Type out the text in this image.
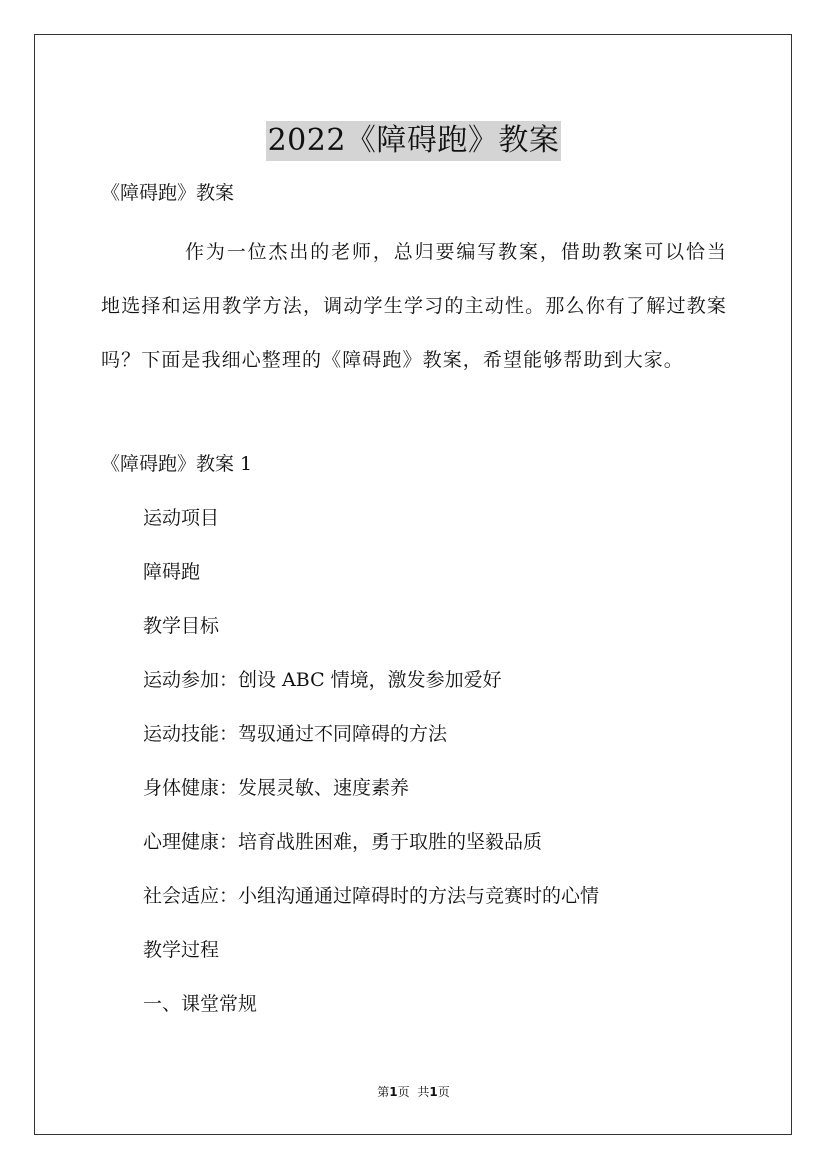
2022《障碍跑》教案
《障碍跑》教案

作为一位杰出的老师，总归要编写教案，借助教案可以恰当地选择和运用教学方法，调动学生学习的主动性。那么你有了解过教案吗？下面是我细心整理的《障碍跑》教案，希望能够帮助到大家。

《障碍跑》教案 1
运动项目
障碍跑
教学目标
运动参加：创设 ABC 情境，激发参加爱好
运动技能：驾驭通过不同障碍的方法
身体健康：发展灵敏、速度素养
心理健康：培育战胜困难，勇于取胜的坚毅品质
社会适应：小组沟通通过障碍时的方法与竞赛时的心情
教学过程
一、课堂常规
第1页 共1页
